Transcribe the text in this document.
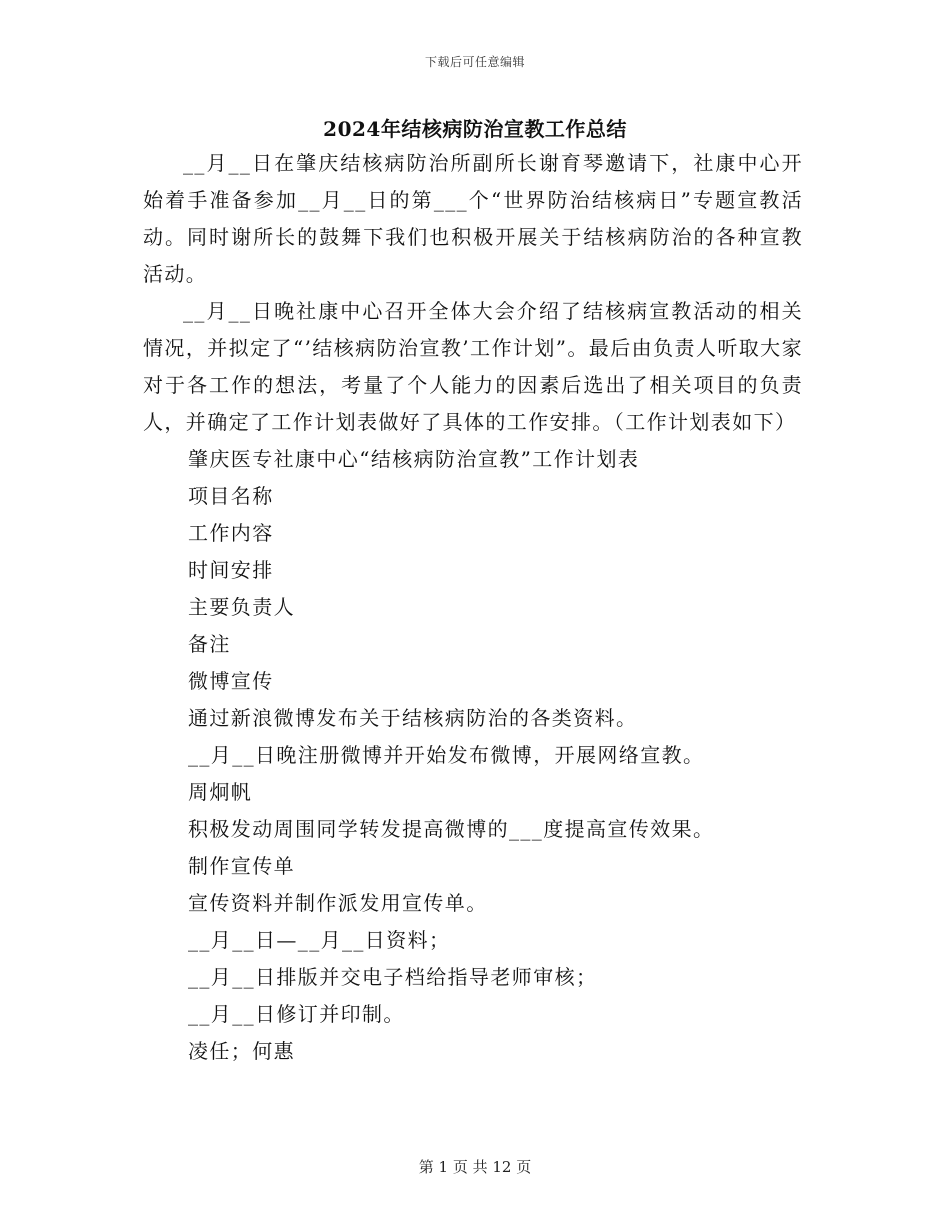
下载后可任意编辑
2024年结核病防治宣教工作总结

__月__日在肇庆结核病防治所副所长谢育琴邀请下，社康中心开始着手准备参加__月__日的第___个“世界防治结核病日”专题宣教活动。同时谢所长的鼓舞下我们也积极开展关于结核病防治的各种宣教活动。

__月__日晚社康中心召开全体大会介绍了结核病宣教活动的相关情况，并拟定了“’结核病防治宣教’工作计划”。最后由负责人听取大家对于各工作的想法，考量了个人能力的因素后选出了相关项目的负责人，并确定了工作计划表做好了具体的工作安排。（工作计划表如下）

肇庆医专社康中心“结核病防治宣教”工作计划表

项目名称

工作内容

时间安排

主要负责人

备注

微博宣传

通过新浪微博发布关于结核病防治的各类资料。

__月__日晚注册微博并开始发布微博，开展网络宣教。

周炯帆

积极发动周围同学转发提高微博的___度提高宣传效果。

制作宣传单

宣传资料并制作派发用宣传单。

__月__日—__月__日资料；

__月__日排版并交电子档给指导老师审核；

__月__日修订并印制。

凌任；何惠

第 1 页 共 12 页
